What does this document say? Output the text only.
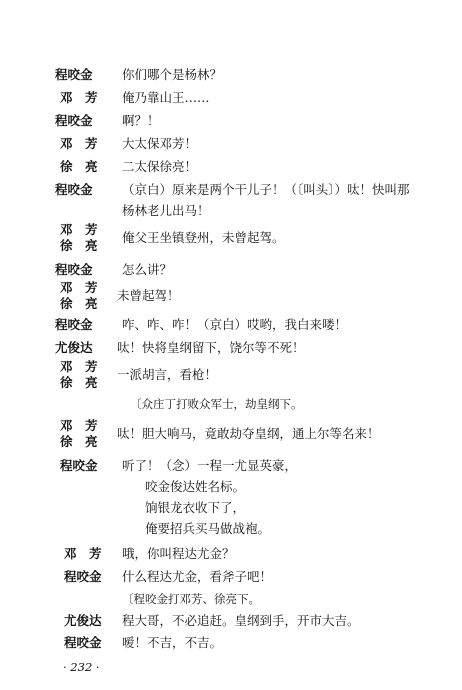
程咬金 你们哪个是杨林？
邓　芳 俺乃靠山王……
程咬金 啊？！
邓　芳 大太保邓芳！
徐　亮 二太保徐亮！
程咬金 （京白）原来是两个干儿子！（〔叫头〕）呔！快叫那
杨林老儿出马！
邓　芳
徐　亮
俺父王坐镇登州，未曾起驾。
程咬金 怎么讲？
邓　芳
徐　亮
未曾起驾！
程咬金 咋、咋、咋！（京白）哎哟，我白来喽！
尤俊达 呔！快将皇纲留下，饶尔等不死！
邓　芳
徐　亮
一派胡言，看枪！
〔众庄丁打败众军士，劫皇纲下。
邓　芳
徐　亮
呔！胆大响马，竟敢劫夺皇纲，通上尔等名来！
程咬金 听了！（念）一程一尤显英豪，
咬金俊达姓名标。
饷银龙衣收下了，
俺要招兵买马做战袍。
邓　芳 哦，你叫程达尤金？
程咬金 什么程达尤金，看斧子吧！
〔程咬金打邓芳、徐亮下。
尤俊达 程大哥，不必追赶。皇纲到手，开市大吉。
程咬金 嗳！不吉，不吉。
· 232 ·
